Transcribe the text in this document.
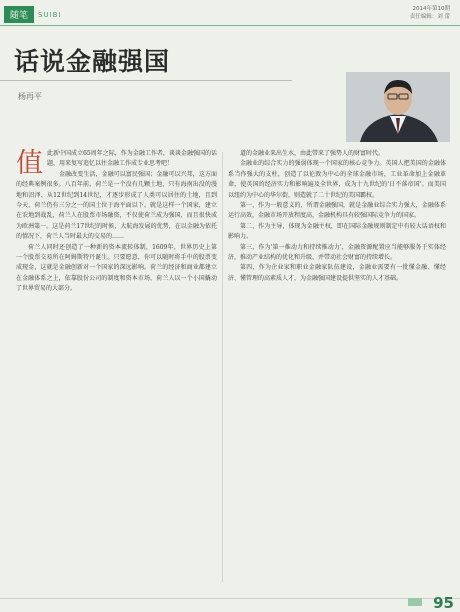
随笔	SUIBI
2014年第10期
责任编辑：刘 蕾
话说金融强国
杨再平

值此新中国成立65周年之际，作为金融工作者，谈谈金融强国的话题，用来复写追忆以往金融工作成专业思考吧！

金融改变生活，金融可以富民强国；金融可以兴邦，这方面的经典案例很多。八百年前，荷兰是一个没有几颗土地、只有海南出没的漫地和沼泽、从12世纪到14世纪，才逐步形成了人类可以居住的土地，且到今天，荷兰仍有三分之一的国土位于海平面以下。就是这样一个国家，建立在农地到战乱，荷兰人在股票市场融资，不仅使荷兰成为强国，而且很快成为欧洲第一。这是荷兰17世纪的时候，大航海发展的优势，在以金融为依托的情况下，荷兰人当时最大的交易的……

荷兰人同时还创造了一种新的资本流转体制，1609年，世界历史上第一个股票交易所在阿姆斯特丹诞生。只要愿意，你可以随时将手中的股票变成现金，这就是金融创新对一个国家的深远影响。荷兰的经济和商业都建立在金融体系之上，依靠股份公司的制度和资本市场，荷兰人以一个小国撬动了世界贸易的大部分。

道的金融业来出生水，由此带来了强势人的财富时代。

金融业的综合实力的强弱体现一个国家的核心竞争力。英国人把美国的金融体系当作强大的支柱，创造了以伦敦为中心的全球金融市场，工业革命加上金融革命，使英国的经济实力和影响遍及全世界，成为十九世纪的'日不落帝国'。而美国以纽约为中心的华尔街，则造就了二十世纪的美国霸权。

第一，作为一般意义的，所谓金融强国，就是金融业综合实力强大，金融体系运行高效，金融市场开放程度高，金融机构具有较强国际竞争力的国家。

第二，作为主导，体现为金融主权，即在国际金融规则制定中有较大话语权和影响力。

第三，作为'第一推动力和持续推动力'，金融资源配置应当能够服务于实体经济，推动产业结构的优化和升级，并带动社会财富的持续增长。

第四，作为企业家和职业金融家队伍建设，金融业需要有一批懂金融、懂经济、懂管理的高素质人才，为金融强国建设提供坚实的人才基础。

95
